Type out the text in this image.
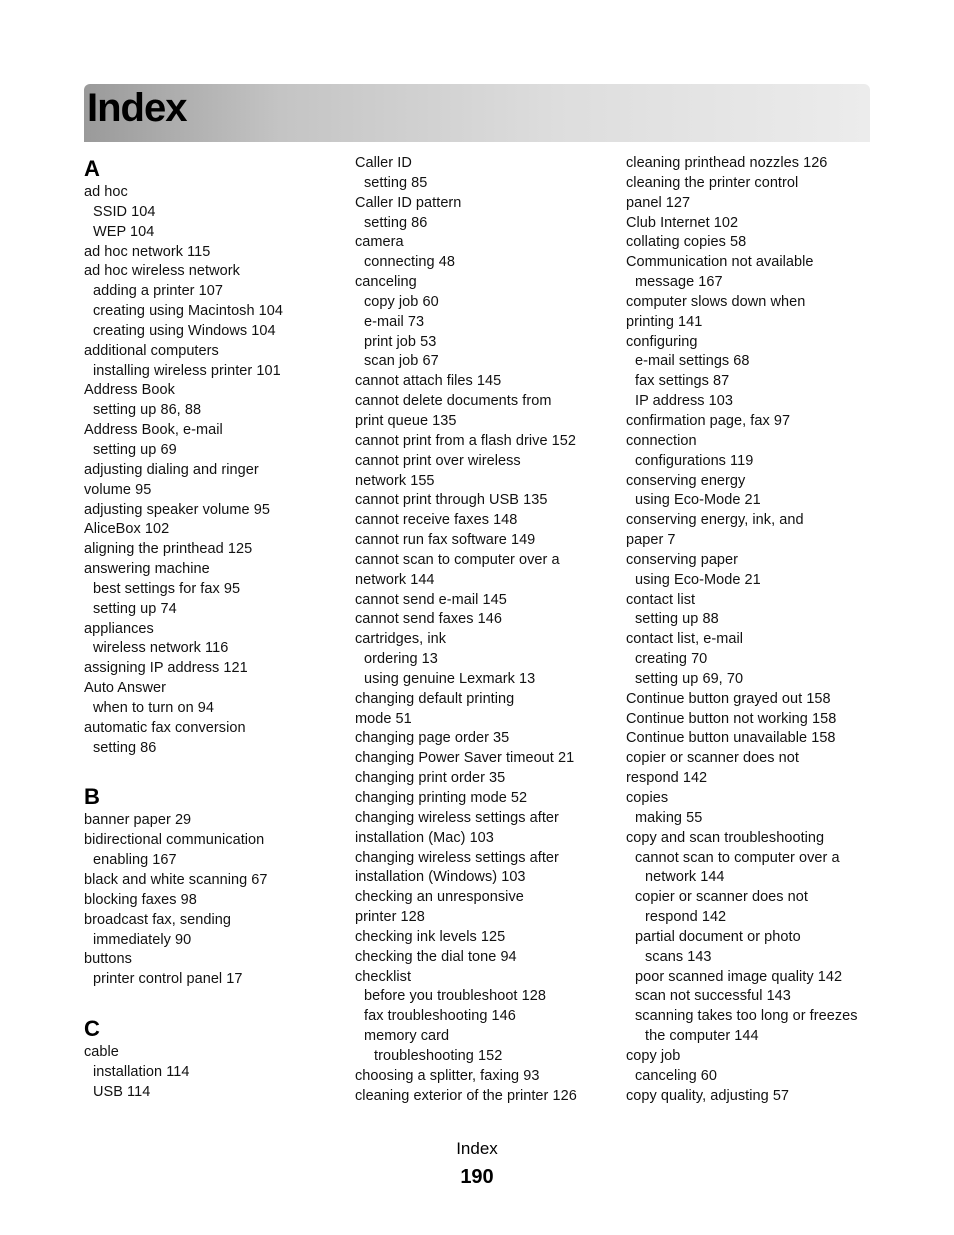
Index
A
ad hoc
SSID 104
WEP 104
ad hoc network 115
ad hoc wireless network
adding a printer 107
creating using Macintosh 104
creating using Windows 104
additional computers
installing wireless printer 101
Address Book
setting up 86, 88
Address Book, e-mail
setting up 69
adjusting dialing and ringer
volume 95
adjusting speaker volume 95
AliceBox 102
aligning the printhead 125
answering machine
best settings for fax 95
setting up 74
appliances
wireless network 116
assigning IP address 121
Auto Answer
when to turn on 94
automatic fax conversion
setting 86
B
banner paper 29
bidirectional communication
enabling 167
black and white scanning 67
blocking faxes 98
broadcast fax, sending
immediately 90
buttons
printer control panel 17
C
cable
installation 114
USB 114
Caller ID
setting 85
Caller ID pattern
setting 86
camera
connecting 48
canceling
copy job 60
e-mail 73
print job 53
scan job 67
cannot attach files 145
cannot delete documents from
print queue 135
cannot print from a flash drive 152
cannot print over wireless
network 155
cannot print through USB 135
cannot receive faxes 148
cannot run fax software 149
cannot scan to computer over a
network 144
cannot send e-mail 145
cannot send faxes 146
cartridges, ink
ordering 13
using genuine Lexmark 13
changing default printing
mode 51
changing page order 35
changing Power Saver timeout 21
changing print order 35
changing printing mode 52
changing wireless settings after
installation (Mac) 103
changing wireless settings after
installation (Windows) 103
checking an unresponsive
printer 128
checking ink levels 125
checking the dial tone 94
checklist
before you troubleshoot 128
fax troubleshooting 146
memory card
troubleshooting 152
choosing a splitter, faxing 93
cleaning exterior of the printer 126
cleaning printhead nozzles 126
cleaning the printer control
panel 127
Club Internet 102
collating copies 58
Communication not available
message 167
computer slows down when
printing 141
configuring
e-mail settings 68
fax settings 87
IP address 103
confirmation page, fax 97
connection
configurations 119
conserving energy
using Eco-Mode 21
conserving energy, ink, and
paper 7
conserving paper
using Eco-Mode 21
contact list
setting up 88
contact list, e-mail
creating 70
setting up 69, 70
Continue button grayed out 158
Continue button not working 158
Continue button unavailable 158
copier or scanner does not
respond 142
copies
making 55
copy and scan troubleshooting
cannot scan to computer over a
network 144
copier or scanner does not
respond 142
partial document or photo
scans 143
poor scanned image quality 142
scan not successful 143
scanning takes too long or freezes
the computer 144
copy job
canceling 60
copy quality, adjusting 57
Index
190
